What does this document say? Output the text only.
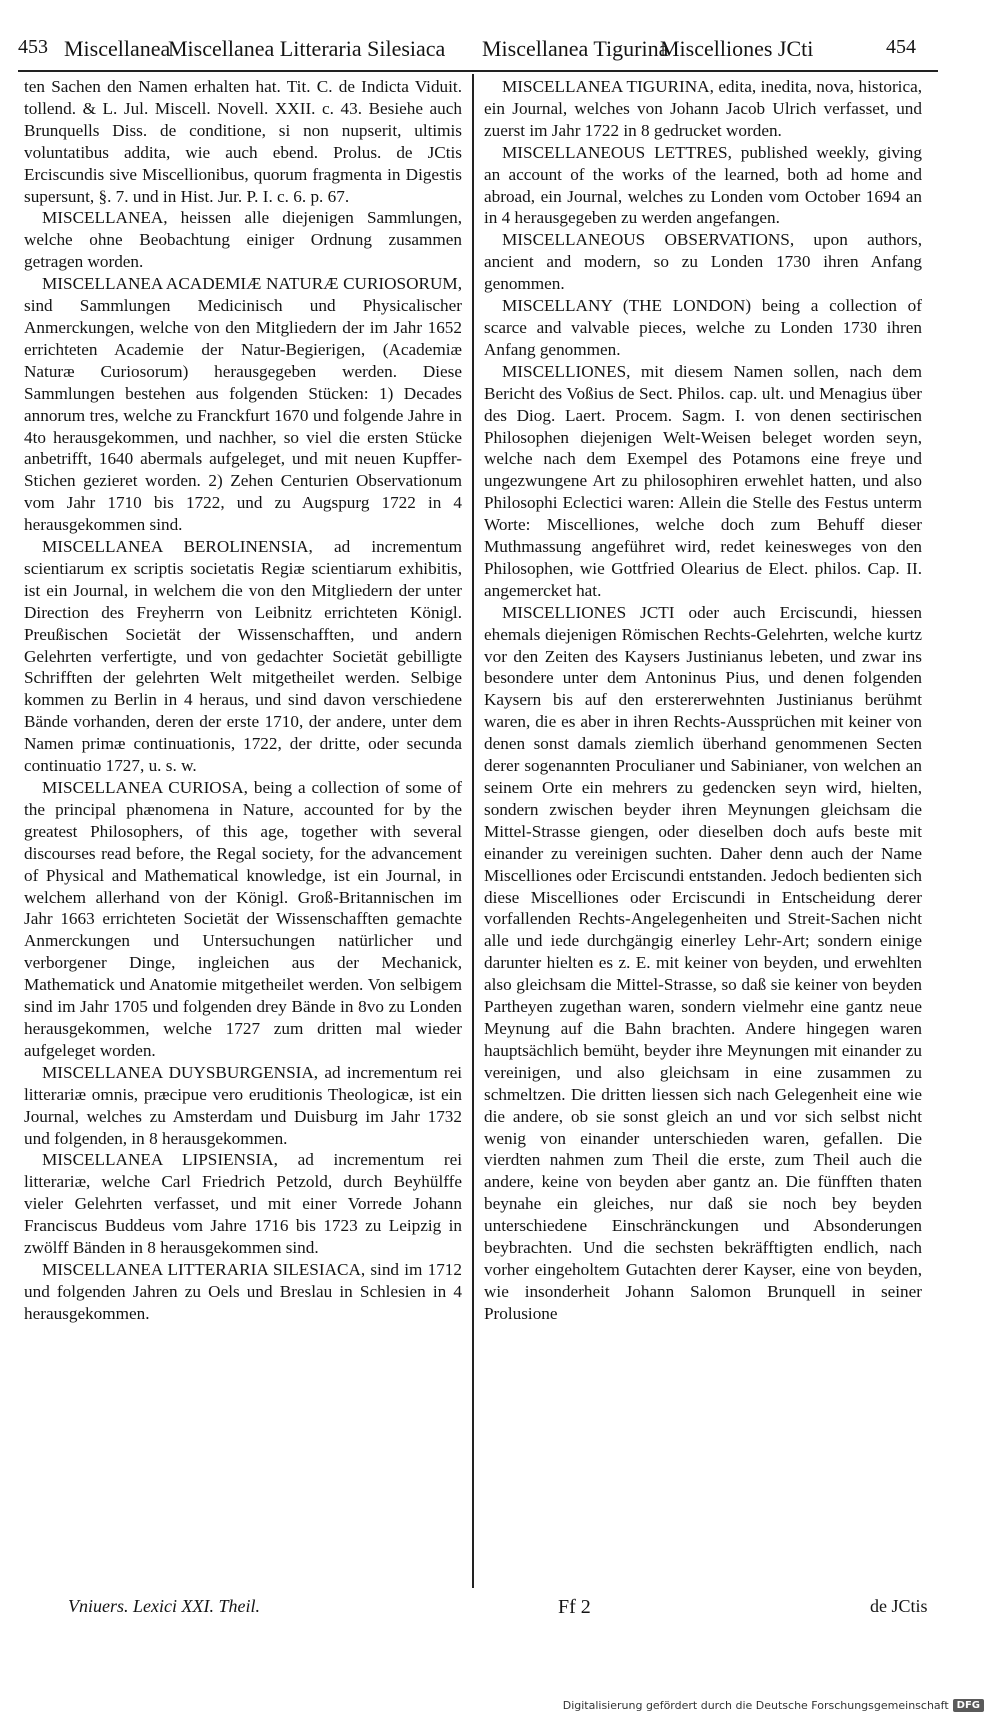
453 Miscellanea
Miscellanea Litteraria Silesiaca Miscellanea Tigurina
Miscelliones JCti	454

ten Sachen den Namen erhalten hat. Tit. C. de Indicta Viduit. tollend. & L. Jul. Miscell. Novell. XXII. c. 43. Besiehe auch Brunquells Diss. de conditione, si non nupserit, ultimis voluntatibus addita, wie auch ebend. Prolus. de JCtis Erciscundis sive Miscellionibus, quorum fragmenta in Digestis supersunt, §. 7. und in Hist. Jur. P. I. c. 6. p. 67.

MISCELLANEA, heissen alle diejenigen Sammlungen, welche ohne Beobachtung einiger Ordnung zusammen getragen worden.

MISCELLANEA ACADEMIÆ NATURÆ CURIOSORUM, sind Sammlungen Medicinisch und Physicalischer Anmerckungen, welche von den Mitgliedern der im Jahr 1652 errichteten Academie der Natur-Begierigen, (Academiæ Naturæ Curiosorum) herausgegeben werden. Diese Sammlungen bestehen aus folgenden Stücken: 1) Decades annorum tres, welche zu Franckfurt 1670 und folgende Jahre in 4to herausgekommen, und nachher, so viel die ersten Stücke anbetrifft, 1640 abermals aufgeleget, und mit neuen Kupffer-Stichen gezieret worden. 2) Zehen Centurien Observationum vom Jahr 1710 bis 1722, und zu Augspurg 1722 in 4 herausgekommen sind.

MISCELLANEA BEROLINENSIA, ad incrementum scientiarum ex scriptis societatis Regiæ scientiarum exhibitis, ist ein Journal, in welchem die von den Mitgliedern der unter Direction des Freyherrn von Leibnitz errichteten Königl. Preußischen Societät der Wissenschafften, und andern Gelehrten verfertigte, und von gedachter Societät gebilligte Schrifften der gelehrten Welt mitgetheilet werden. Selbige kommen zu Berlin in 4 heraus, und sind davon verschiedene Bände vorhanden, deren der erste 1710, der andere, unter dem Namen primæ continuationis, 1722, der dritte, oder secunda continuatio 1727, u. s. w.

MISCELLANEA CURIOSA, being a collection of some of the principal phænomena in Nature, accounted for by the greatest Philosophers, of this age, together with several discourses read before, the Regal society, for the advancement of Physical and Mathematical knowledge, ist ein Journal, in welchem allerhand von der Königl. Groß-Britannischen im Jahr 1663 errichteten Societät der Wissenschafften gemachte Anmerckungen und Untersuchungen natürlicher und verborgener Dinge, ingleichen aus der Mechanick, Mathematick und Anatomie mitgetheilet werden. Von selbigem sind im Jahr 1705 und folgenden drey Bände in 8vo zu Londen herausgekommen, welche 1727 zum dritten mal wieder aufgeleget worden.

MISCELLANEA DUYSBURGENSIA, ad incrementum rei litterariæ omnis, præcipue vero eruditionis Theologicæ, ist ein Journal, welches zu Amsterdam und Duisburg im Jahr 1732 und folgenden, in 8 herausgekommen.

MISCELLANEA LIPSIENSIA, ad incrementum rei litterariæ, welche Carl Friedrich Petzold, durch Beyhülffe vieler Gelehrten verfasset, und mit einer Vorrede Johann Franciscus Buddeus vom Jahre 1716 bis 1723 zu Leipzig in zwölff Bänden in 8 herausgekommen sind.

MISCELLANEA LITTERARIA SILESIACA, sind im 1712 und folgenden Jahren zu Oels und Breslau in Schlesien in 4 herausgekommen.

MISCELLANEA TIGURINA, edita, inedita, nova, historica, ein Journal, welches von Johann Jacob Ulrich verfasset, und zuerst im Jahr 1722 in 8 gedrucket worden.

MISCELLANEOUS LETTRES, published weekly, giving an account of the works of the learned, both ad home and abroad, ein Journal, welches zu Londen vom October 1694 an in 4 herausgegeben zu werden angefangen.

MISCELLANEOUS OBSERVATIONS, upon authors, ancient and modern, so zu Londen 1730 ihren Anfang genommen.

MISCELLANY (THE LONDON) being a collection of scarce and valvable pieces, welche zu Londen 1730 ihren Anfang genommen.

MISCELLIONES, mit diesem Namen sollen, nach dem Bericht des Voßius de Sect. Philos. cap. ult. und Menagius über des Diog. Laert. Procem. Sagm. I. von denen sectirischen Philosophen diejenigen Welt-Weisen beleget worden seyn, welche nach dem Exempel des Potamons eine freye und ungezwungene Art zu philosophiren erwehlet hatten, und also Philosophi Eclectici waren: Allein die Stelle des Festus unterm Worte: Miscelliones, welche doch zum Behuff dieser Muthmassung angeführet wird, redet keinesweges von den Philosophen, wie Gottfried Olearius de Elect. philos. Cap. II. angemercket hat.

MISCELLIONES JCTI oder auch Erciscundi, hiessen ehemals diejenigen Römischen Rechts-Gelehrten, welche kurtz vor den Zeiten des Kaysers Justinianus lebeten, und zwar ins besondere unter dem Antoninus Pius, und denen folgenden Kaysern bis auf den erstererwehnten Justinianus berühmt waren, die es aber in ihren Rechts-Aussprüchen mit keiner von denen sonst damals ziemlich überhand genommenen Secten derer sogenannten Proculianer und Sabinianer, von welchen an seinem Orte ein mehrers zu gedencken seyn wird, hielten, sondern zwischen beyder ihren Meynungen gleichsam die Mittel-Strasse giengen, oder dieselben doch aufs beste mit einander zu vereinigen suchten. Daher denn auch der Name Miscelliones oder Erciscundi entstanden. Jedoch bedienten sich diese Miscelliones oder Erciscundi in Entscheidung derer vorfallenden Rechts-Angelegenheiten und Streit-Sachen nicht alle und iede durchgängig einerley Lehr-Art; sondern einige darunter hielten es z. E. mit keiner von beyden, und erwehlten also gleichsam die Mittel-Strasse, so daß sie keiner von beyden Partheyen zugethan waren, sondern vielmehr eine gantz neue Meynung auf die Bahn brachten. Andere hingegen waren hauptsächlich bemüht, beyder ihre Meynungen mit einander zu vereinigen, und also gleichsam in eine zusammen zu schmeltzen. Die dritten liessen sich nach Gelegenheit eine wie die andere, ob sie sonst gleich an und vor sich selbst nicht wenig von einander unterschieden waren, gefallen. Die vierdten nahmen zum Theil die erste, zum Theil auch die andere, keine von beyden aber gantz an. Die fünfften thaten beynahe ein gleiches, nur daß sie noch bey beyden unterschiedene Einschränckungen und Absonderungen beybrachten. Und die sechsten bekräfftigten endlich, nach vorher eingeholtem Gutachten derer Kayser, eine von beyden, wie insonderheit Johann Salomon Brunquell in seiner Prolusione

Vniuers. Lexici XXI. Theil.	Ff 2	de JCtis
Digitalisierung gefördert durch die Deutsche Forschungsgemeinschaft DFG
